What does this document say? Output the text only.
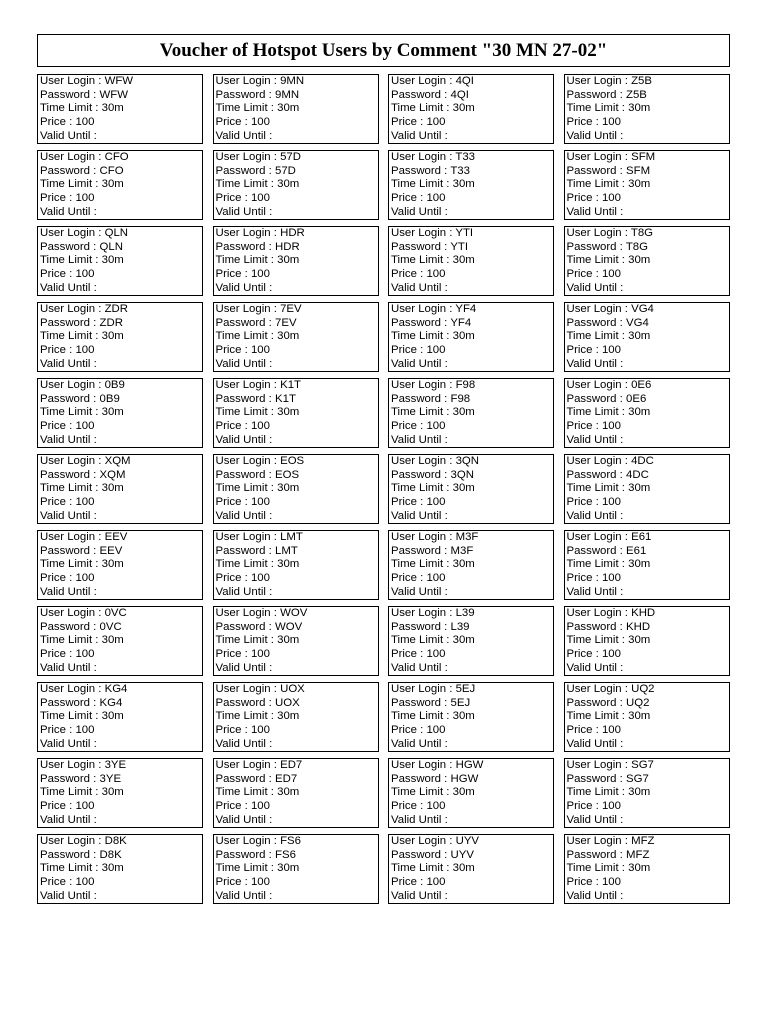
Voucher of Hotspot Users by Comment "30 MN 27-02"
User Login : WFW
Password : WFW
Time Limit : 30m
Price : 100
Valid Until :
User Login : 9MN
Password : 9MN
Time Limit : 30m
Price : 100
Valid Until :
User Login : 4QI
Password : 4QI
Time Limit : 30m
Price : 100
Valid Until :
User Login : Z5B
Password : Z5B
Time Limit : 30m
Price : 100
Valid Until :
User Login : CFO
Password : CFO
Time Limit : 30m
Price : 100
Valid Until :
User Login : 57D
Password : 57D
Time Limit : 30m
Price : 100
Valid Until :
User Login : T33
Password : T33
Time Limit : 30m
Price : 100
Valid Until :
User Login : SFM
Password : SFM
Time Limit : 30m
Price : 100
Valid Until :
User Login : QLN
Password : QLN
Time Limit : 30m
Price : 100
Valid Until :
User Login : HDR
Password : HDR
Time Limit : 30m
Price : 100
Valid Until :
User Login : YTI
Password : YTI
Time Limit : 30m
Price : 100
Valid Until :
User Login : T8G
Password : T8G
Time Limit : 30m
Price : 100
Valid Until :
User Login : ZDR
Password : ZDR
Time Limit : 30m
Price : 100
Valid Until :
User Login : 7EV
Password : 7EV
Time Limit : 30m
Price : 100
Valid Until :
User Login : YF4
Password : YF4
Time Limit : 30m
Price : 100
Valid Until :
User Login : VG4
Password : VG4
Time Limit : 30m
Price : 100
Valid Until :
User Login : 0B9
Password : 0B9
Time Limit : 30m
Price : 100
Valid Until :
User Login : K1T
Password : K1T
Time Limit : 30m
Price : 100
Valid Until :
User Login : F98
Password : F98
Time Limit : 30m
Price : 100
Valid Until :
User Login : 0E6
Password : 0E6
Time Limit : 30m
Price : 100
Valid Until :
User Login : XQM
Password : XQM
Time Limit : 30m
Price : 100
Valid Until :
User Login : EOS
Password : EOS
Time Limit : 30m
Price : 100
Valid Until :
User Login : 3QN
Password : 3QN
Time Limit : 30m
Price : 100
Valid Until :
User Login : 4DC
Password : 4DC
Time Limit : 30m
Price : 100
Valid Until :
User Login : EEV
Password : EEV
Time Limit : 30m
Price : 100
Valid Until :
User Login : LMT
Password : LMT
Time Limit : 30m
Price : 100
Valid Until :
User Login : M3F
Password : M3F
Time Limit : 30m
Price : 100
Valid Until :
User Login : E61
Password : E61
Time Limit : 30m
Price : 100
Valid Until :
User Login : 0VC
Password : 0VC
Time Limit : 30m
Price : 100
Valid Until :
User Login : WOV
Password : WOV
Time Limit : 30m
Price : 100
Valid Until :
User Login : L39
Password : L39
Time Limit : 30m
Price : 100
Valid Until :
User Login : KHD
Password : KHD
Time Limit : 30m
Price : 100
Valid Until :
User Login : KG4
Password : KG4
Time Limit : 30m
Price : 100
Valid Until :
User Login : UOX
Password : UOX
Time Limit : 30m
Price : 100
Valid Until :
User Login : 5EJ
Password : 5EJ
Time Limit : 30m
Price : 100
Valid Until :
User Login : UQ2
Password : UQ2
Time Limit : 30m
Price : 100
Valid Until :
User Login : 3YE
Password : 3YE
Time Limit : 30m
Price : 100
Valid Until :
User Login : ED7
Password : ED7
Time Limit : 30m
Price : 100
Valid Until :
User Login : HGW
Password : HGW
Time Limit : 30m
Price : 100
Valid Until :
User Login : SG7
Password : SG7
Time Limit : 30m
Price : 100
Valid Until :
User Login : D8K
Password : D8K
Time Limit : 30m
Price : 100
Valid Until :
User Login : FS6
Password : FS6
Time Limit : 30m
Price : 100
Valid Until :
User Login : UYV
Password : UYV
Time Limit : 30m
Price : 100
Valid Until :
User Login : MFZ
Password : MFZ
Time Limit : 30m
Price : 100
Valid Until :
